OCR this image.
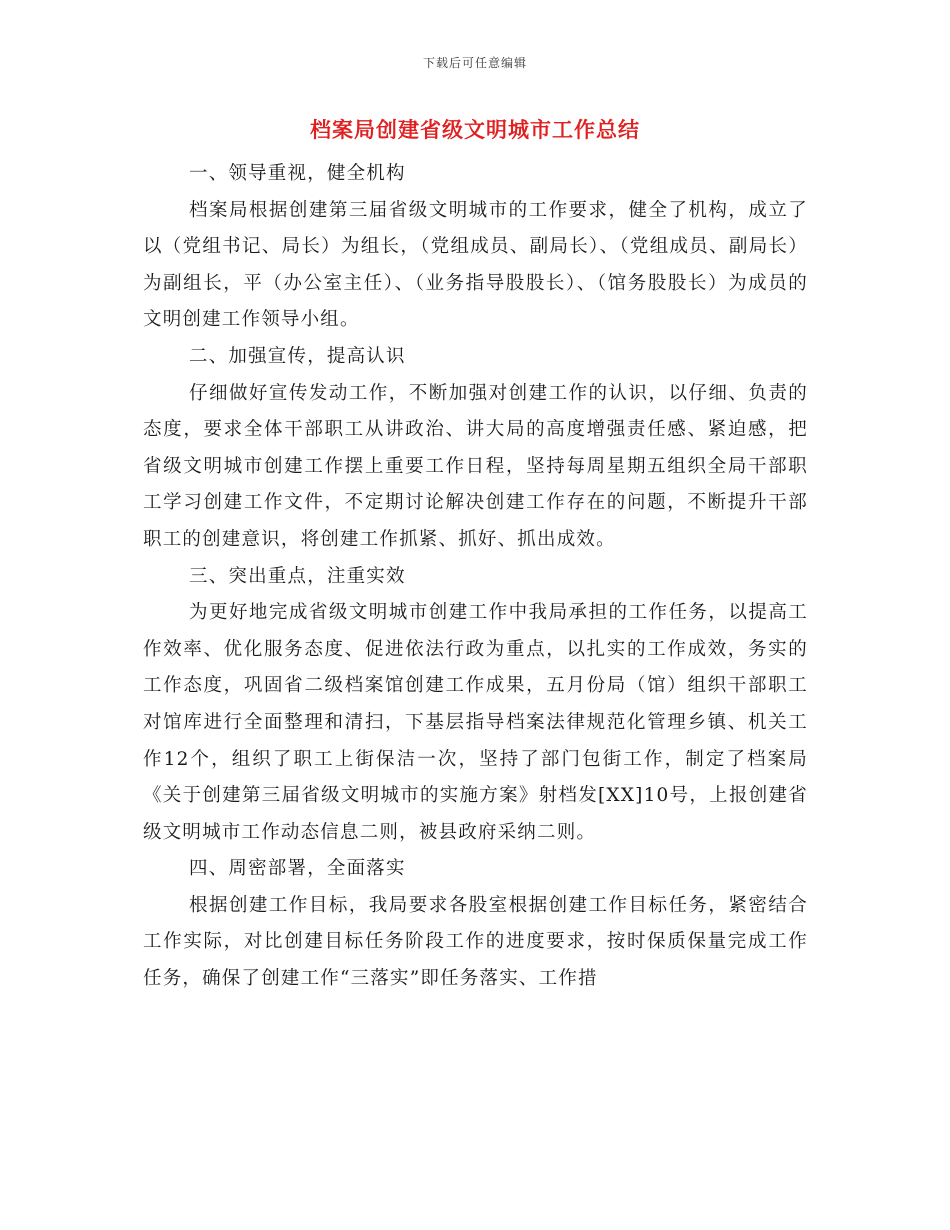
下载后可任意编辑
档案局创建省级文明城市工作总结

一、领导重视，健全机构

档案局根据创建第三届省级文明城市的工作要求，健全了机构，成立了以（党组书记、局长）为组长，（党组成员、副局长）、（党组成员、副局长）为副组长，平（办公室主任）、（业务指导股股长）、（馆务股股长）为成员的文明创建工作领导小组。

二、加强宣传，提高认识

仔细做好宣传发动工作，不断加强对创建工作的认识，以仔细、负责的态度，要求全体干部职工从讲政治、讲大局的高度增强责任感、紧迫感，把省级文明城市创建工作摆上重要工作日程，坚持每周星期五组织全局干部职工学习创建工作文件，不定期讨论解决创建工作存在的问题，不断提升干部职工的创建意识，将创建工作抓紧、抓好、抓出成效。

三、突出重点，注重实效

为更好地完成省级文明城市创建工作中我局承担的工作任务，以提高工作效率、优化服务态度、促进依法行政为重点，以扎实的工作成效，务实的工作态度，巩固省二级档案馆创建工作成果，五月份局（馆）组织干部职工对馆库进行全面整理和清扫，下基层指导档案法律规范化管理乡镇、机关工作12个，组织了职工上街保洁一次，坚持了部门包街工作，制定了档案局《关于创建第三届省级文明城市的实施方案》射档发[XX]10号，上报创建省级文明城市工作动态信息二则，被县政府采纳二则。

四、周密部署，全面落实

根据创建工作目标，我局要求各股室根据创建工作目标任务，紧密结合工作实际，对比创建目标任务阶段工作的进度要求，按时保质保量完成工作任务，确保了创建工作“三落实”即任务落实、工作措
